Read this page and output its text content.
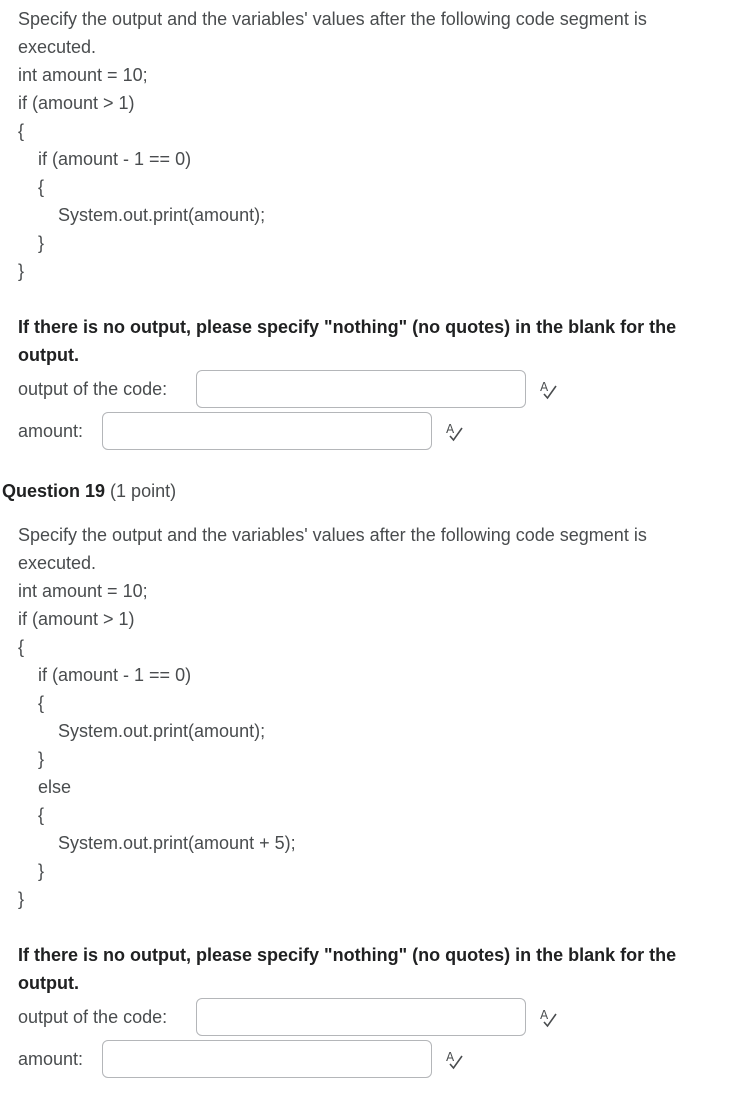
Specify the output and the variables' values after the following code segment is
executed.
int amount = 10;
if (amount > 1)
{
if (amount - 1 == 0)
{
System.out.print(amount);
}
}
If there is no output, please specify "nothing" (no quotes) in the blank for the
output.
output of the code:	A
amount:	A
Question 19 (1 point)
Specify the output and the variables' values after the following code segment is
executed.
int amount = 10;
if (amount > 1)
{
if (amount - 1 == 0)
{
System.out.print(amount);
}
else
{
System.out.print(amount + 5);
}
}
If there is no output, please specify "nothing" (no quotes) in the blank for the
output.
output of the code:	A
amount:	A
